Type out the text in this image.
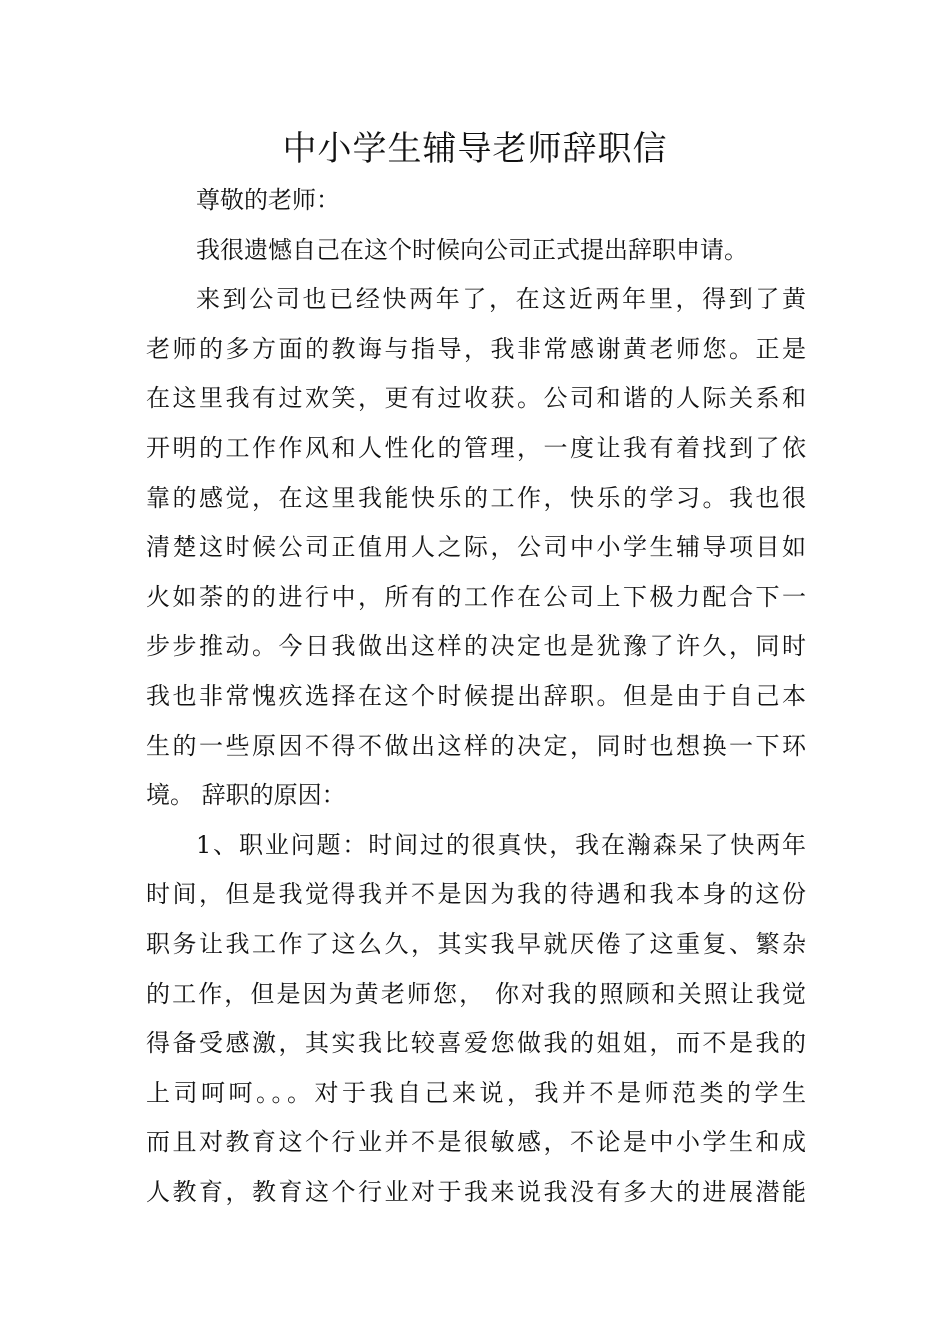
中小学生辅导老师辞职信
尊敬的老师：
我很遗憾自己在这个时候向公司正式提出辞职申请。
来到公司也已经快两年了，在这近两年里，得到了黄
老师的多方面的教诲与指导，我非常感谢黄老师您。正是
在这里我有过欢笑，更有过收获。公司和谐的人际关系和
开明的工作作风和人性化的管理，一度让我有着找到了依
靠的感觉，在这里我能快乐的工作，快乐的学习。我也很
清楚这时候公司正值用人之际，公司中小学生辅导项目如
火如荼的的进行中，所有的工作在公司上下极力配合下一
步步推动。今日我做出这样的决定也是犹豫了许久，同时
我也非常愧疚选择在这个时候提出辞职。但是由于自己本
生的一些原因不得不做出这样的决定，同时也想换一下环
境。 辞职的原因：
1、职业问题：时间过的很真快，我在瀚森呆了快两年
时间，但是我觉得我并不是因为我的待遇和我本身的这份
职务让我工作了这么久，其实我早就厌倦了这重复、繁杂
的工作，但是因为黄老师您， 你对我的照顾和关照让我觉
得备受感激，其实我比较喜爱您做我的姐姐，而不是我的
上司呵呵。。。对于我自己来说，我并不是师范类的学生
而且对教育这个行业并不是很敏感，不论是中小学生和成
人教育，教育这个行业对于我来说我没有多大的进展潜能
